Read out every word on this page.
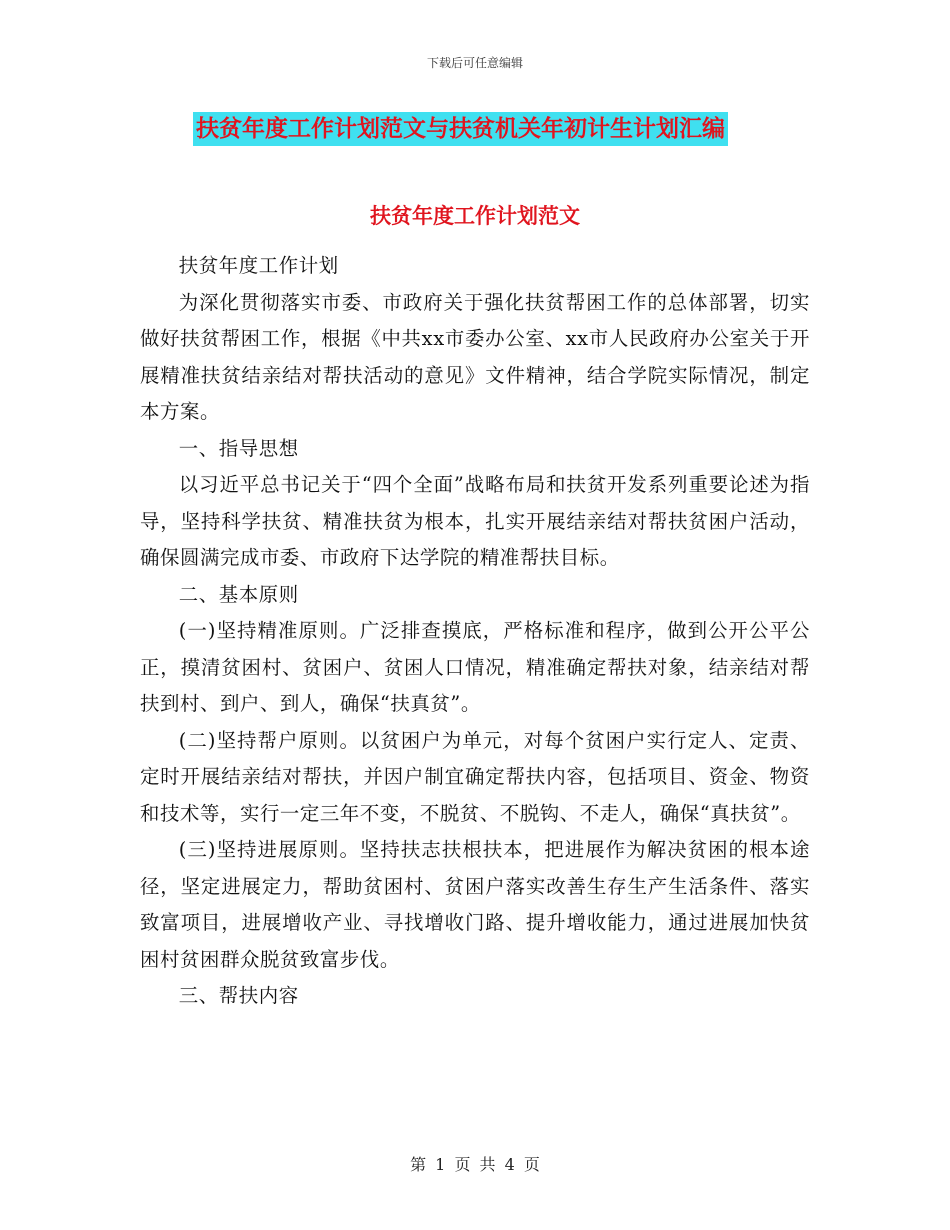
下载后可任意编辑
扶贫年度工作计划范文与扶贫机关年初计生计划汇编
扶贫年度工作计划范文

扶贫年度工作计划

为深化贯彻落实市委、市政府关于强化扶贫帮困工作的总体部署，切实做好扶贫帮困工作，根据《中共xx市委办公室、xx市人民政府办公室关于开展精准扶贫结亲结对帮扶活动的意见》文件精神，结合学院实际情况，制定本方案。

一、指导思想

以习近平总书记关于“四个全面”战略布局和扶贫开发系列重要论述为指导，坚持科学扶贫、精准扶贫为根本，扎实开展结亲结对帮扶贫困户活动，确保圆满完成市委、市政府下达学院的精准帮扶目标。

二、基本原则

(一)坚持精准原则。广泛排查摸底，严格标准和程序，做到公开公平公正，摸清贫困村、贫困户、贫困人口情况，精准确定帮扶对象，结亲结对帮扶到村、到户、到人，确保“扶真贫”。

(二)坚持帮户原则。以贫困户为单元，对每个贫困户实行定人、定责、定时开展结亲结对帮扶，并因户制宜确定帮扶内容，包括项目、资金、物资和技术等，实行一定三年不变，不脱贫、不脱钩、不走人，确保“真扶贫”。

(三)坚持进展原则。坚持扶志扶根扶本，把进展作为解决贫困的根本途径，坚定进展定力，帮助贫困村、贫困户落实改善生存生产生活条件、落实致富项目，进展增收产业、寻找增收门路、提升增收能力，通过进展加快贫困村贫困群众脱贫致富步伐。

三、帮扶内容

第 1 页 共 4 页
